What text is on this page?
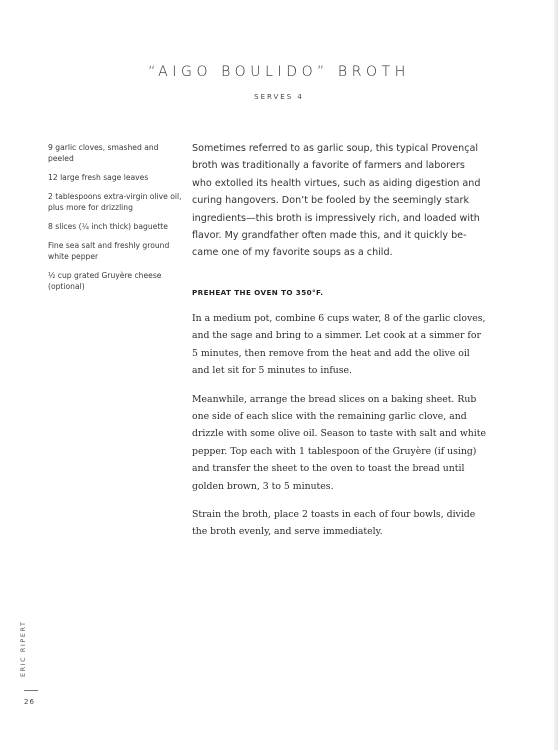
“AIGO BOULIDO” BROTH
SERVES 4
9 garlic cloves, smashed and peeled
12 large fresh sage leaves
2 tablespoons extra-virgin olive oil, plus more for drizzling
8 slices (¼ inch thick) baguette
Fine sea salt and freshly ground white pepper
½ cup grated Gruyère cheese (optional)

Sometimes referred to as garlic soup, this typical Provençal broth was traditionally a favorite of farmers and laborers who extolled its health virtues, such as aiding digestion and curing hangovers. Don’t be fooled by the seemingly stark ingredients—this broth is impressively rich, and loaded with flavor. My grandfather often made this, and it quickly became one of my favorite soups as a child.

PREHEAT THE OVEN TO 350°F.

In a medium pot, combine 6 cups water, 8 of the garlic cloves, and the sage and bring to a simmer. Let cook at a simmer for 5 minutes, then remove from the heat and add the olive oil and let sit for 5 minutes to infuse.

Meanwhile, arrange the bread slices on a baking sheet. Rub one side of each slice with the remaining garlic clove, and drizzle with some olive oil. Season to taste with salt and white pepper. Top each with 1 tablespoon of the Gruyère (if using) and transfer the sheet to the oven to toast the bread until golden brown, 3 to 5 minutes.

Strain the broth, place 2 toasts in each of four bowls, divide the broth evenly, and serve immediately.

ERIC RIPERT
26
